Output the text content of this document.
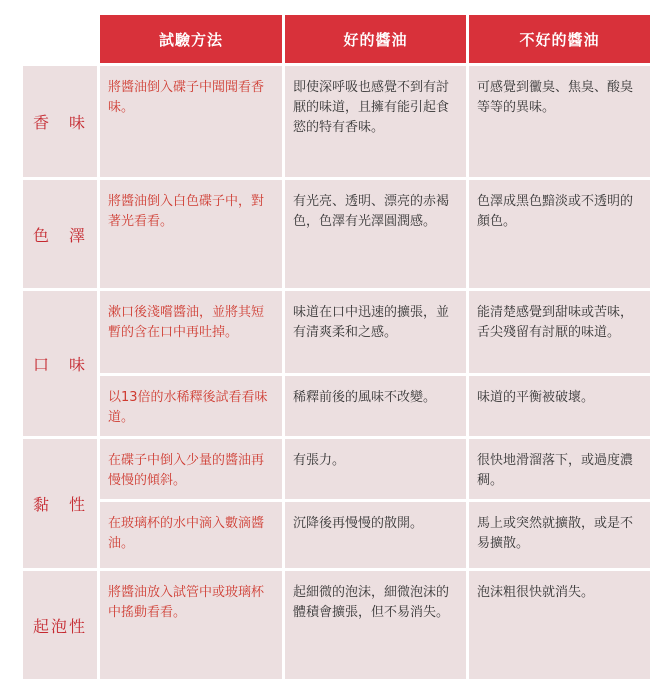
	試驗方法	好的醬油	不好的醬油
香　味	將醬油倒入碟子中聞聞看香味。	即使深呼吸也感覺不到有討厭的味道，且擁有能引起食慾的特有香味。	可感覺到黴臭、焦臭、酸臭等等的異味。
色　澤	將醬油倒入白色碟子中，對著光看看。	有光亮、透明、漂亮的赤褐色，色澤有光澤圓潤感。	色澤成黑色黯淡或不透明的顏色。
口　味	漱口後淺嚐醬油，並將其短暫的含在口中再吐掉。	味道在口中迅速的擴張，並有清爽柔和之感。	能清楚感覺到甜味或苦味，舌尖殘留有討厭的味道。
	以13倍的水稀釋後試看看味道。	稀釋前後的風味不改變。	味道的平衡被破壞。
黏　性	在碟子中倒入少量的醬油再慢慢的傾斜。	有張力。	很快地滑溜落下，或過度濃稠。
	在玻璃杯的水中滴入數滴醬油。	沉降後再慢慢的散開。	馬上或突然就擴散，或是不易擴散。
起泡性	將醬油放入試管中或玻璃杯中搖動看看。	起細微的泡沫，細微泡沫的體積會擴張，但不易消失。	泡沫粗很快就消失。
